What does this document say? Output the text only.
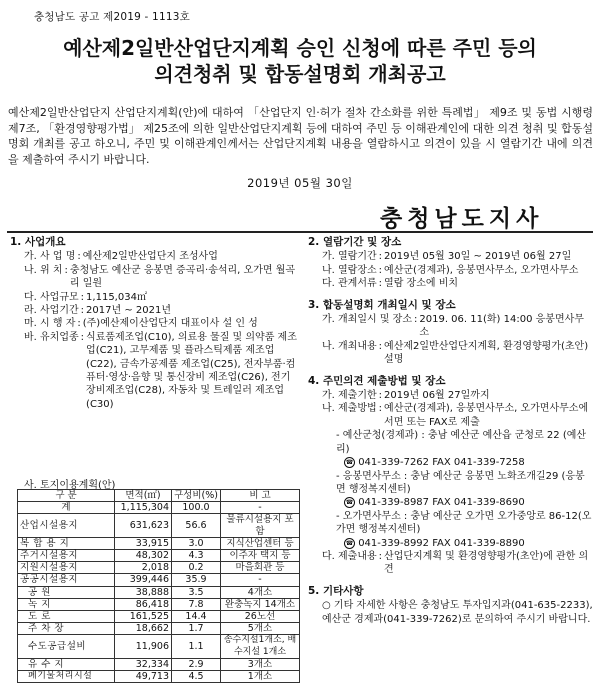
충청남도 공고 제2019 - 1113호
예산제2일반산업단지계획 승인 신청에 따른 주민 등의
의견청취 및 합동설명회 개최공고
예산제2일반산업단지 산업단지계획(안)에 대하여 「산업단지 인·허가 절차 간소화를 위한 특례법」 제9조 및 동법 시행령 제7조, 「환경영향평가법」 제25조에 의한 일반산업단지계획 등에 대하여 주민 등 이해관계인에 대한 의견 청취 및 합동설명회 개최를 공고 하오니, 주민 및 이해관계인께서는 산업단지계획 내용을 열람하시고 의견이 있을 시 열람기간 내에 의견을 제출하여 주시기 바랍니다.
2019년 05월 30일
충청남도지사
1. 사업개요
가. 사 업 명 : 예산제2일반산업단지 조성사업
나. 위 치 : 충청남도 예산군 응봉면 증곡리·송석리, 오가면 월곡리 일원
다. 사업규모 : 1,115,034㎡
라. 사업기간 : 2017년 ~ 2021년
마. 시 행 자 : (주)예산제이산업단지 대표이사 설 인 성
바. 유치업종 : 식료품제조업(C10), 의료용 물질 및 의약품 제조업(C21), 고무제품 및 플라스틱제품 제조업(C22), 금속가공제품 제조업(C25), 전자부품·컴퓨터·영상·음향 및 통신장비 제조업(C26), 전기장비제조업(C28), 자동차 및 트레일러 제조업(C30)
사. 토지이용계획(안)
구 분	면적(㎡)	구성비(%)	비 고
계	1,115,304	100.0	-
산업시설용지	631,623	56.6	물류시설용지 포함
복 합 용 지	33,915	3.0	지식산업센터 등
주거시설용지	48,302	4.3	이주자 택지 등
지원시설용지	2,018	0.2	마을회관 등
공공시설용지	399,446	35.9	-
공 원	38,888	3.5	4개소
녹 지	86,418	7.8	완충녹지 14개소
도 로	161,525	14.4	26노선
주 차 장	18,662	1.7	5개소
수도공급설비	11,906	1.1	송수지설1개소, 배수지설 1개소
유 수 지	32,334	2.9	3개소
폐기물처리시설	49,713	4.5	1개소
2. 열람기간 및 장소
가. 열람기간 : 2019년 05월 30일 ~ 2019년 06월 27일
나. 열람장소 : 예산군(경제과), 응봉면사무소, 오가면사무소
다. 관계서류 : 열람 장소에 비치
3. 합동설명회 개최일시 및 장소
가. 개최일시 및 장소 : 2019. 06. 11(화) 14:00 응봉면사무소
나. 개최내용 : 예산제2일반산업단지계획, 환경영향평가(초안) 설명
4. 주민의견 제출방법 및 장소
가. 제출기한 : 2019년 06월 27일까지
나. 제출방법 : 예산군(경제과), 응봉면사무소, 오가면사무소에 서면 또는 FAX로 제출
- 예산군청(경제과) : 충남 예산군 예산읍 군청로 22 (예산리)
☎ 041-339-7262 FAX 041-339-7258
- 응봉면사무소 : 충남 예산군 응봉면 노화조개길29 (응봉면 행정복지센터)
☎ 041-339-8987 FAX 041-339-8690
- 오가면사무소 : 충남 예산군 오가면 오가중앙로 86-12(오가면 행정복지센터)
☎ 041-339-8992 FAX 041-339-8890
다. 제출내용 : 산업단지계획 및 환경영향평가(초안)에 관한 의견
5. 기타사항
○ 기타 자세한 사항은 충청남도 투자입지과(041-635-2233), 예산군 경제과(041-339-7262)로 문의하여 주시기 바랍니다.
